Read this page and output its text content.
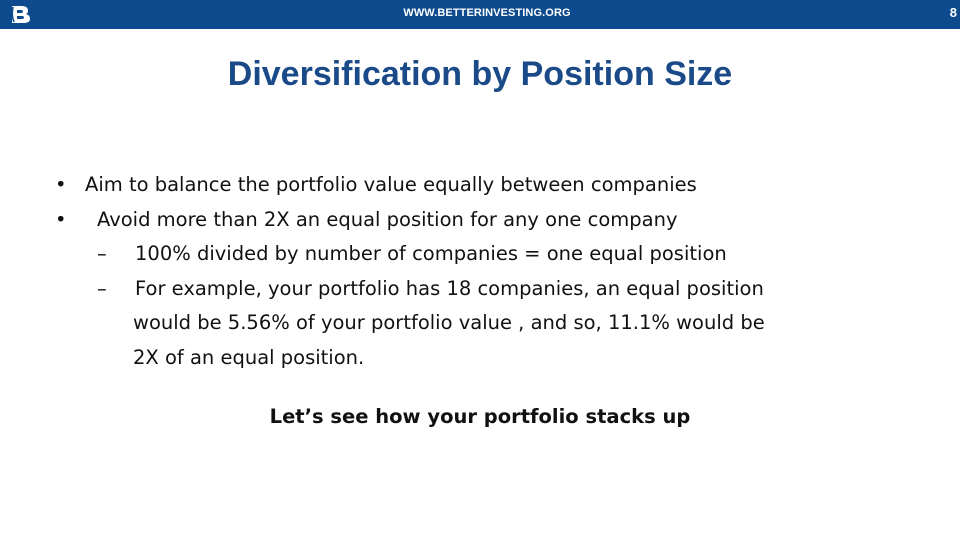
WWW.BETTERINVESTING.ORG	8
Diversification by Position Size
• Aim to balance the portfolio value equally between companies
• Avoid more than 2X an equal position for any one company
– 100% divided by number of companies = one equal position
– For example, your portfolio has 18 companies, an equal position
would be 5.56% of your portfolio value , and so, 11.1% would be
2X of an equal position.
Let’s see how your portfolio stacks up
